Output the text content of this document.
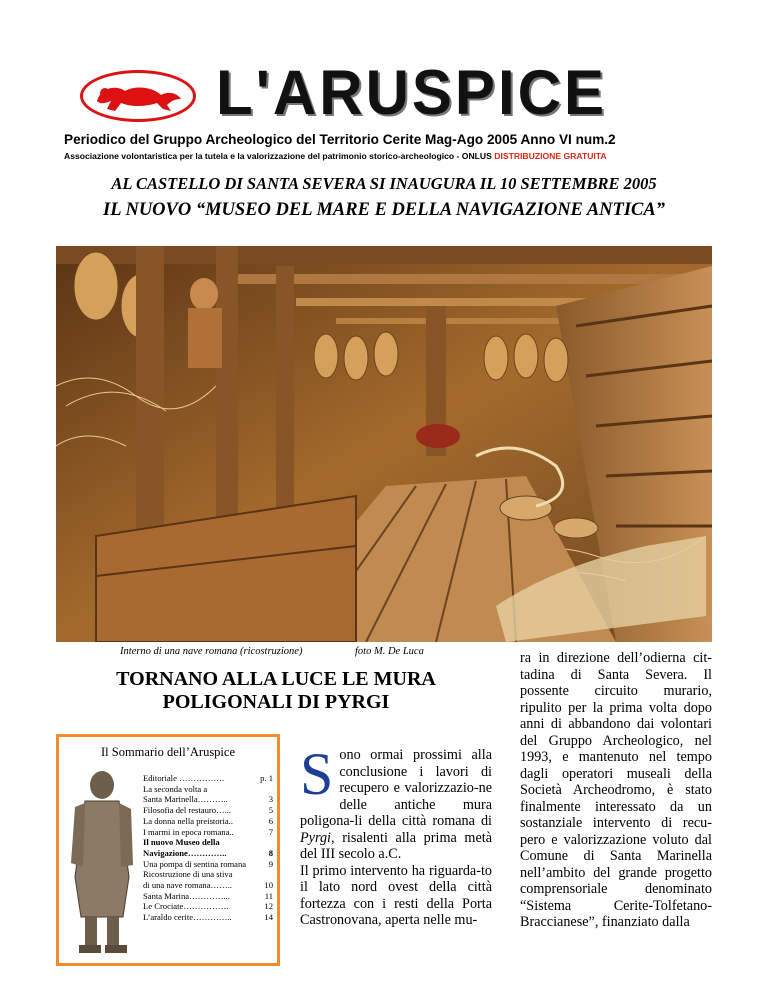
L'ARUSPICE
Periodico del Gruppo Archeologico del Territorio Cerite Mag-Ago 2005 Anno VI num.2
Associazione volontaristica per la tutela e la valorizzazione del patrimonio storico-archeologico - ONLUS DISTRIBUZIONE GRATUITA
AL CASTELLO DI SANTA SEVERA SI INAUGURA IL 10 SETTEMBRE 2005
IL NUOVO “MUSEO DEL MARE E DELLA NAVIGAZIONE ANTICA”
Interno di una nave romana (ricostruzione)	foto M. De Luca
TORNANO ALLA LUCE LE MURA POLIGONALI DI PYRGI
Il Sommario dell’Aruspice
Editoriale …………….	p. 1
La seconda volta a
Santa Marinella………..	3
Filosofia del restauro…...	5
La donna nella preistoria..	6
I marmi in epoca romana..	7
Il nuovo Museo della
Navigazione…………..	8
Una pompa di sentina romana	9
Ricostruzione di una stiva
di una nave romana……..	10
Santa Marina…………...	11
Le Crociate…………….	12
L’araldo cerite…………..	14
S ono ormai prossimi alla conclusione i lavori di recupero e valorizzazio-ne delle antiche mura poligona-li della città romana di Pyrgi, risalenti alla prima metà del III secolo a.C.

Il primo intervento ha riguarda-to il lato nord ovest della città fortezza con i resti della Porta Castronovana, aperta nelle mu-

ra in direzione dell’odierna cit-tadina di Santa Severa. Il possente circuito murario, ripulito per la prima volta dopo anni di abbandono dai volontari del Gruppo Archeologico, nel 1993, e mantenuto nel tempo dagli operatori museali della Società Archeodromo, è stato finalmente interessato da un sostanziale intervento di recu-pero e valorizzazione voluto dal Comune di Santa Marinella nell’ambito del grande progetto comprensoriale denominato “Sistema Cerite-Tolfetano-Braccianese”, finanziato dalla
